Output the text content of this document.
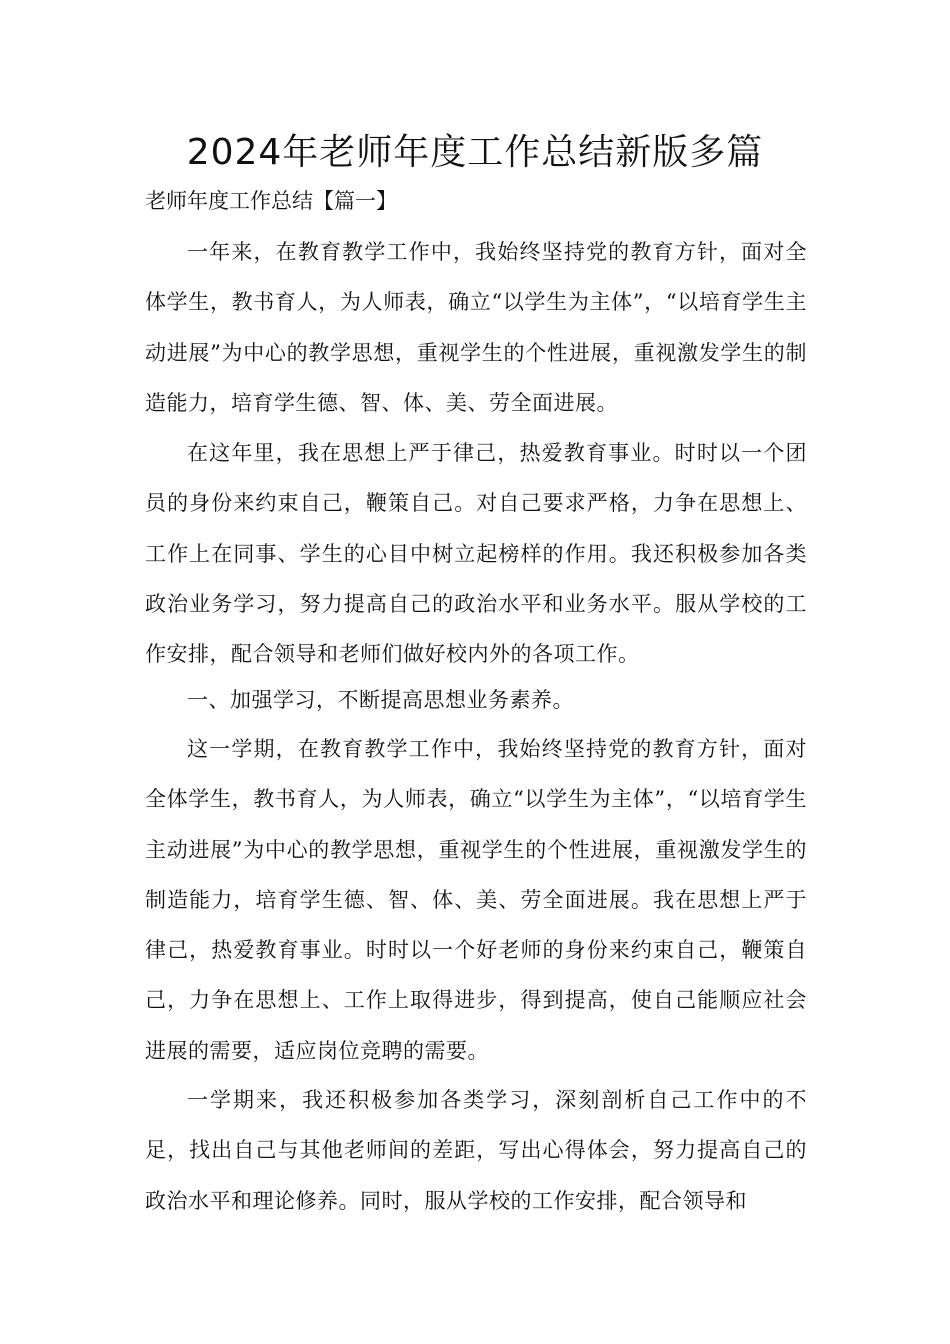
2024年老师年度工作总结新版多篇

老师年度工作总结【篇一】

一年来，在教育教学工作中，我始终坚持党的教育方针，面对全体学生，教书育人，为人师表，确立“以学生为主体”，“以培育学生主动进展”为中心的教学思想，重视学生的个性进展，重视激发学生的制造能力，培育学生德、智、体、美、劳全面进展。

在这年里，我在思想上严于律己，热爱教育事业。时时以一个团员的身份来约束自己，鞭策自己。对自己要求严格，力争在思想上、工作上在同事、学生的心目中树立起榜样的作用。我还积极参加各类政治业务学习，努力提高自己的政治水平和业务水平。服从学校的工作安排，配合领导和老师们做好校内外的各项工作。

一、加强学习，不断提高思想业务素养。

这一学期，在教育教学工作中，我始终坚持党的教育方针，面对全体学生，教书育人，为人师表，确立“以学生为主体”，“以培育学生主动进展”为中心的教学思想，重视学生的个性进展，重视激发学生的制造能力，培育学生德、智、体、美、劳全面进展。我在思想上严于律己，热爱教育事业。时时以一个好老师的身份来约束自己，鞭策自己，力争在思想上、工作上取得进步，得到提高，使自己能顺应社会进展的需要，适应岗位竞聘的需要。

一学期来，我还积极参加各类学习，深刻剖析自己工作中的不足，找出自己与其他老师间的差距，写出心得体会，努力提高自己的政治水平和理论修养。同时，服从学校的工作安排，配合领导和
